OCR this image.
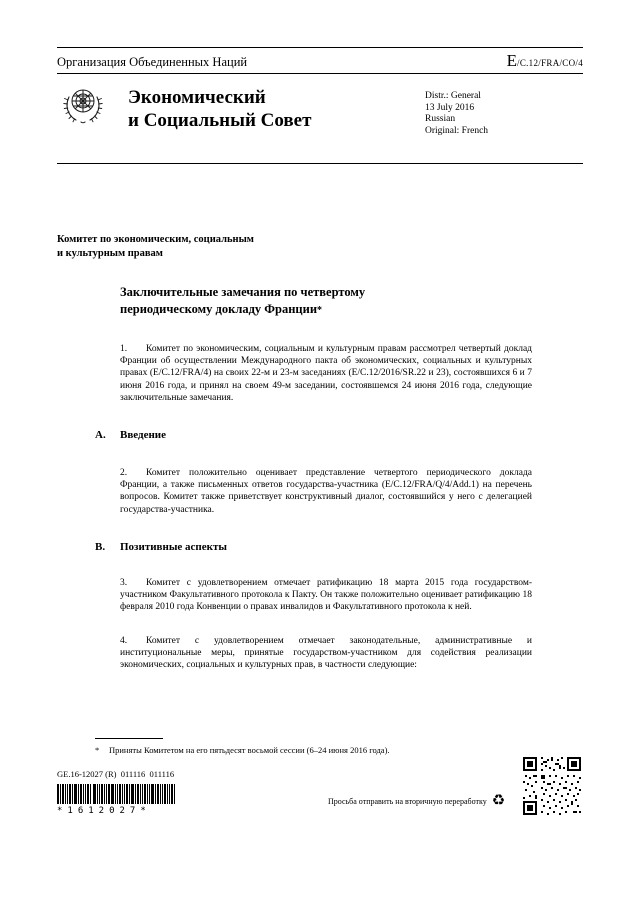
Организация Объединенных Наций	E /C.12/FRA/CO/4
Экономический
и Социальный Совет
Distr.: General
13 July 2016
Russian
Original: French
Комитет по экономическим, социальным
и культурным правам
Заключительные замечания по четвертому
периодическому докладу Франции*

1. Комитет по экономическим, социальным и культурным правам рассмотрел четвертый доклад Франции об осуществлении Международного пакта об экономических, социальных и культурных правах (E/C.12/FRA/4) на своих 22-м и 23-м заседаниях (E/C.12/2016/SR.22 и 23), состоявшихся 6 и 7 июня 2016 года, и принял на своем 49-м заседании, состоявшемся 24 июня 2016 года, следующие заключительные замечания.

A. Введение

2. Комитет положительно оценивает представление четвертого периодического доклада Франции, а также письменных ответов государства-участника (E/C.12/FRA/Q/4/Add.1) на перечень вопросов. Комитет также приветствует конструктивный диалог, состоявшийся у него с делегацией государства-участника.

B. Позитивные аспекты

3. Комитет с удовлетворением отмечает ратификацию 18 марта 2015 года государством-участником Факультативного протокола к Пакту. Он также положительно оценивает ратификацию 18 февраля 2010 года Конвенции о правах инвалидов и Факультативного протокола к ней.

4. Комитет с удовлетворением отмечает законодательные, административные и институциональные меры, принятые государством-участником для содействия реализации экономических, социальных и культурных прав, в частности следующие:

* Приняты Комитетом на его пятьдесят восьмой сессии (6–24 июня 2016 года).
GE.16-12027 (R)  011116  011116
*1612027*
Просьба отправить на вторичную переработку ♻
